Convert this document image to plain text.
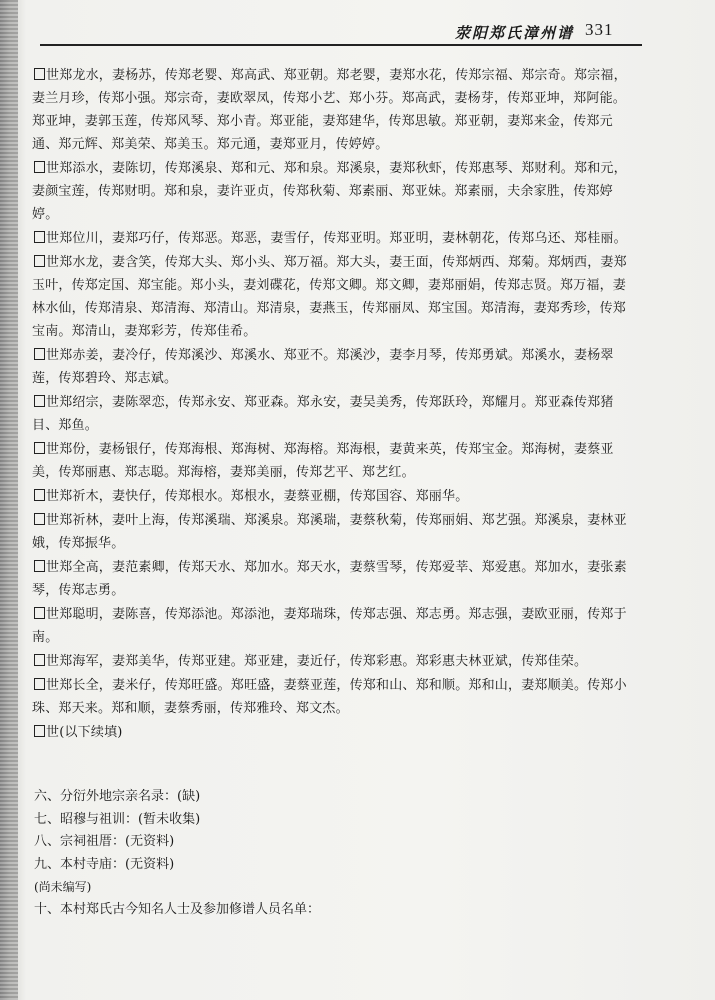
荥阳郑氏漳州谱 331

世郑龙水，妻杨苏，传郑老婴、郑高武、郑亚朝。郑老婴，妻郑水花，传郑宗福、郑宗奇。郑宗福，妻兰月珍，传郑小强。郑宗奇，妻欧翠凤，传郑小艺、郑小芬。郑高武，妻杨芽，传郑亚坤，郑阿能。郑亚坤，妻郭玉莲，传郑风琴、郑小青。郑亚能，妻郑建华，传郑思敏。郑亚朝，妻郑来金，传郑元通、郑元辉、郑美荣、郑美玉。郑元通，妻郑亚月，传婷婷。

世郑添水，妻陈切，传郑溪泉、郑和元、郑和泉。郑溪泉，妻郑秋虾，传郑惠琴、郑财利。郑和元，妻颜宝莲，传郑财明。郑和泉，妻许亚贞，传郑秋菊、郑素丽、郑亚妹。郑素丽，夫余家胜，传郑婷婷。

世郑位川，妻郑巧仔，传郑恶。郑恶，妻雪仔，传郑亚明。郑亚明，妻林朝花，传郑乌还、郑桂丽。

世郑水龙，妻含笑，传郑大头、郑小头、郑万福。郑大头，妻王面，传郑炳西、郑菊。郑炳西，妻郑玉叶，传郑定国、郑宝能。郑小头，妻刘碟花，传郑文卿。郑文卿，妻郑丽娟，传郑志贤。郑万福，妻林水仙，传郑清泉、郑清海、郑清山。郑清泉，妻燕玉，传郑丽凤、郑宝国。郑清海，妻郑秀珍，传郑宝南。郑清山，妻郑彩芳，传郑佳希。

世郑赤姜，妻冷仔，传郑溪沙、郑溪水、郑亚不。郑溪沙，妻李月琴，传郑勇斌。郑溪水，妻杨翠莲，传郑碧玲、郑志斌。

世郑绍宗，妻陈翠恋，传郑永安、郑亚森。郑永安，妻吴美秀，传郑跃玲，郑耀月。郑亚森传郑猪目、郑鱼。

世郑份，妻杨银仔，传郑海根、郑海树、郑海榕。郑海根，妻黄来英，传郑宝金。郑海树，妻蔡亚美，传郑丽惠、郑志聪。郑海榕，妻郑美丽，传郑艺平、郑艺红。

世郑祈木，妻快仔，传郑根水。郑根水，妻蔡亚棚，传郑国容、郑丽华。

世郑祈林，妻叶上海，传郑溪瑞、郑溪泉。郑溪瑞，妻蔡秋菊，传郑丽娟、郑艺强。郑溪泉，妻林亚娥，传郑振华。

世郑全高，妻范素卿，传郑天水、郑加水。郑天水，妻蔡雪琴，传郑爱莘、郑爱惠。郑加水，妻张素琴，传郑志勇。

世郑聪明，妻陈喜，传郑添池。郑添池，妻郑瑞珠，传郑志强、郑志勇。郑志强，妻欧亚丽，传郑于南。

世郑海军，妻郑美华，传郑亚建。郑亚建，妻近仔，传郑彩惠。郑彩惠夫林亚斌，传郑佳荣。

世郑长全，妻米仔，传郑旺盛。郑旺盛，妻蔡亚莲，传郑和山、郑和顺。郑和山，妻郑顺美。传郑小珠、郑天来。郑和顺，妻蔡秀丽，传郑雅玲、郑文杰。

世(以下续填)

六、分衍外地宗亲名录：(缺)
七、昭穆与祖训：(暂未收集)
八、宗祠祖厝：(无资料)
九、本村寺庙：(无资料)
(尚未编写)
十、本村郑氏古今知名人士及参加修谱人员名单：
